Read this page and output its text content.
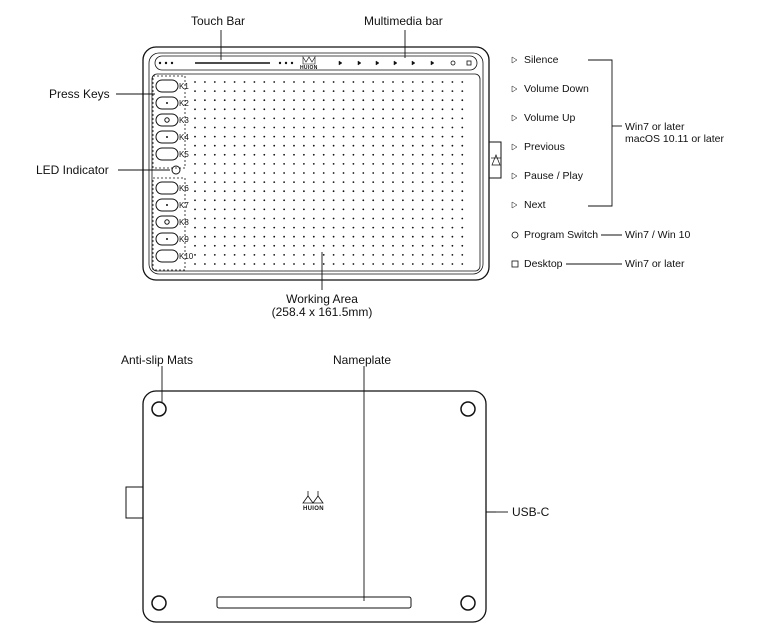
Touch Bar	Multimedia bar
Press Keys
LED Indicator
Working Area
(258.4 x 161.5mm)
HUION
K1
K2
K3
K4
K5
K6
K7
K8
K9
K10
Silence
Volume Down
Volume Up
Previous
Pause / Play
Next
Program Switch
Desktop
Win7 or later
macOS 10.11 or later
Win7 / Win 10
Win7 or later
Anti-slip Mats	Nameplate
USB-C
HUION
